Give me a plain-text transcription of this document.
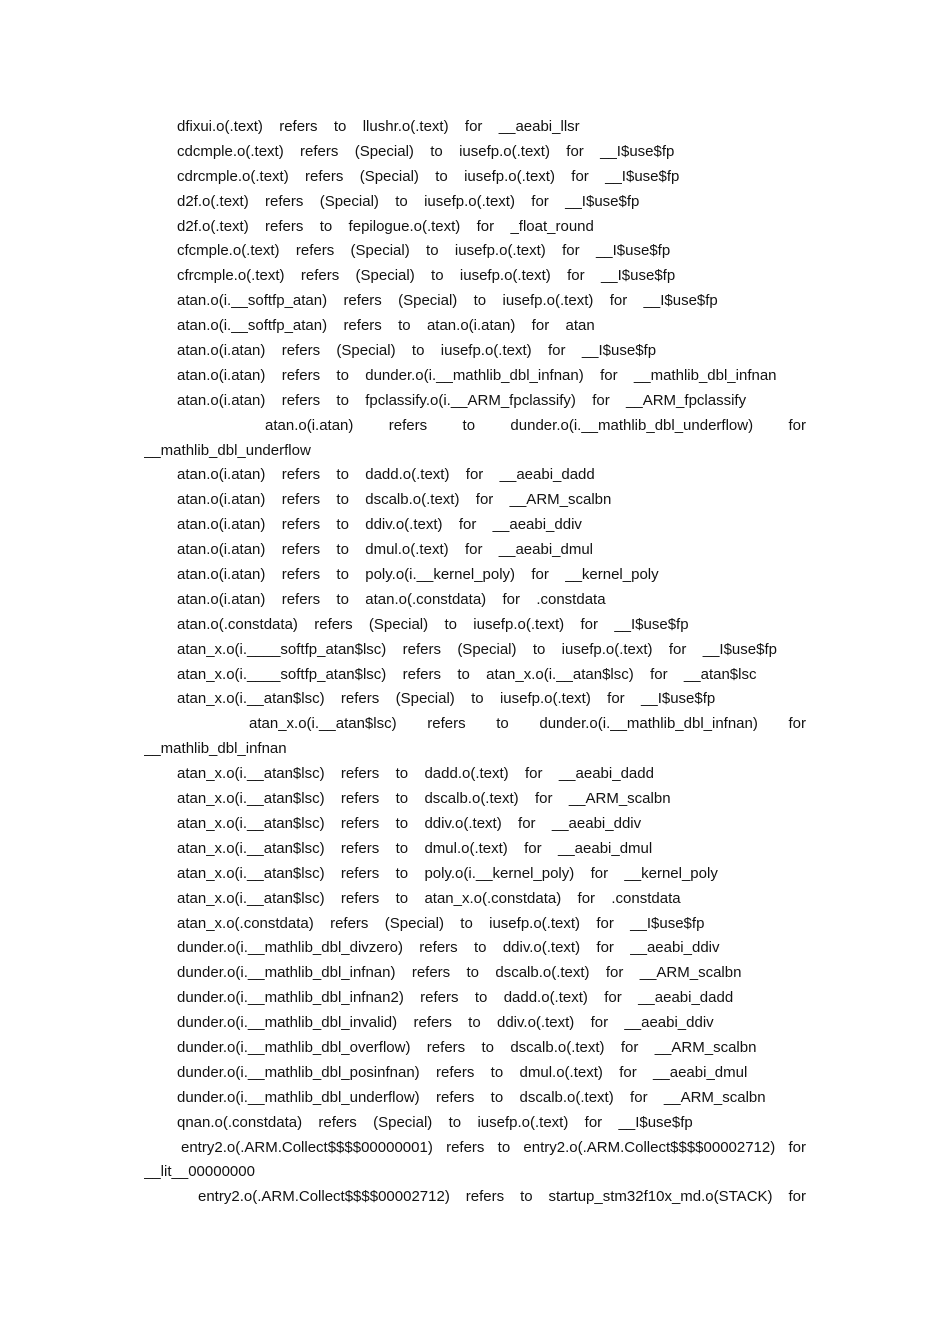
dfixui.o(.text)  refers  to  llushr.o(.text)  for  __aeabi_llsr
cdcmple.o(.text)  refers  (Special)  to  iusefp.o(.text)  for  __I$use$fp
cdrcmple.o(.text)  refers  (Special)  to  iusefp.o(.text)  for  __I$use$fp
d2f.o(.text)  refers  (Special)  to  iusefp.o(.text)  for  __I$use$fp
d2f.o(.text)  refers  to  fepilogue.o(.text)  for  _float_round
cfcmple.o(.text)  refers  (Special)  to  iusefp.o(.text)  for  __I$use$fp
cfrcmple.o(.text)  refers  (Special)  to  iusefp.o(.text)  for  __I$use$fp
atan.o(i.__softfp_atan)  refers  (Special)  to  iusefp.o(.text)  for  __I$use$fp
atan.o(i.__softfp_atan)  refers  to  atan.o(i.atan)  for  atan
atan.o(i.atan)  refers  (Special)  to  iusefp.o(.text)  for  __I$use$fp
atan.o(i.atan)  refers  to  dunder.o(i.__mathlib_dbl_infnan)  for  __mathlib_dbl_infnan
atan.o(i.atan)  refers  to  fpclassify.o(i.__ARM_fpclassify)  for  __ARM_fpclassify
atan.o(i.atan) refers to dunder.o(i.__mathlib_dbl_underflow) for
__mathlib_dbl_underflow
atan.o(i.atan)  refers  to  dadd.o(.text)  for  __aeabi_dadd
atan.o(i.atan)  refers  to  dscalb.o(.text)  for  __ARM_scalbn
atan.o(i.atan)  refers  to  ddiv.o(.text)  for  __aeabi_ddiv
atan.o(i.atan)  refers  to  dmul.o(.text)  for  __aeabi_dmul
atan.o(i.atan)  refers  to  poly.o(i.__kernel_poly)  for  __kernel_poly
atan.o(i.atan)  refers  to  atan.o(.constdata)  for  .constdata
atan.o(.constdata)  refers  (Special)  to  iusefp.o(.text)  for  __I$use$fp
atan_x.o(i.____softfp_atan$lsc)  refers  (Special)  to  iusefp.o(.text)  for  __I$use$fp
atan_x.o(i.____softfp_atan$lsc)  refers  to  atan_x.o(i.__atan$lsc)  for  __atan$lsc
atan_x.o(i.__atan$lsc)  refers  (Special)  to  iusefp.o(.text)  for  __I$use$fp
atan_x.o(i.__atan$lsc) refers to dunder.o(i.__mathlib_dbl_infnan) for
__mathlib_dbl_infnan
atan_x.o(i.__atan$lsc)  refers  to  dadd.o(.text)  for  __aeabi_dadd
atan_x.o(i.__atan$lsc)  refers  to  dscalb.o(.text)  for  __ARM_scalbn
atan_x.o(i.__atan$lsc)  refers  to  ddiv.o(.text)  for  __aeabi_ddiv
atan_x.o(i.__atan$lsc)  refers  to  dmul.o(.text)  for  __aeabi_dmul
atan_x.o(i.__atan$lsc)  refers  to  poly.o(i.__kernel_poly)  for  __kernel_poly
atan_x.o(i.__atan$lsc)  refers  to  atan_x.o(.constdata)  for  .constdata
atan_x.o(.constdata)  refers  (Special)  to  iusefp.o(.text)  for  __I$use$fp
dunder.o(i.__mathlib_dbl_divzero)  refers  to  ddiv.o(.text)  for  __aeabi_ddiv
dunder.o(i.__mathlib_dbl_infnan)  refers  to  dscalb.o(.text)  for  __ARM_scalbn
dunder.o(i.__mathlib_dbl_infnan2)  refers  to  dadd.o(.text)  for  __aeabi_dadd
dunder.o(i.__mathlib_dbl_invalid)  refers  to  ddiv.o(.text)  for  __aeabi_ddiv
dunder.o(i.__mathlib_dbl_overflow)  refers  to  dscalb.o(.text)  for  __ARM_scalbn
dunder.o(i.__mathlib_dbl_posinfnan)  refers  to  dmul.o(.text)  for  __aeabi_dmul
dunder.o(i.__mathlib_dbl_underflow)  refers  to  dscalb.o(.text)  for  __ARM_scalbn
qnan.o(.constdata)  refers  (Special)  to  iusefp.o(.text)  for  __I$use$fp
entry2.o(.ARM.Collect$$$$00000001) refers to entry2.o(.ARM.Collect$$$$00002712) for
__lit__00000000
entry2.o(.ARM.Collect$$$$00002712) refers to startup_stm32f10x_md.o(STACK) for
